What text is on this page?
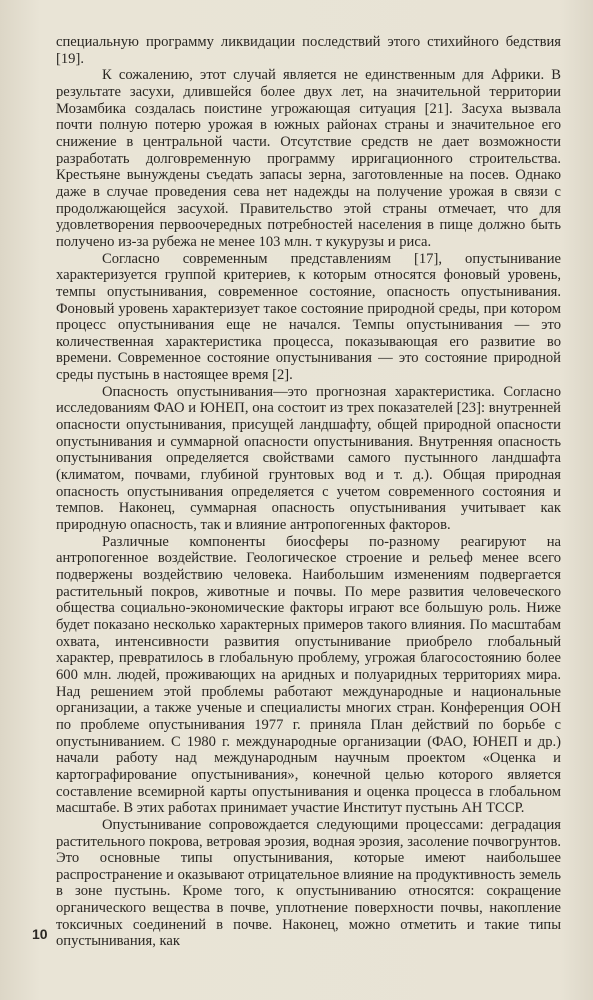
специальную программу ликвидации последствий этого стихийного бедствия [19].

К сожалению, этот случай является не единственным для Африки. В результате засухи, длившейся более двух лет, на значительной территории Мозамбика создалась поистине угрожающая ситуация [21]. Засуха вызвала почти полную потерю урожая в южных районах страны и значительное его снижение в центральной части. Отсутствие средств не дает возможности разработать долговременную программу ирригационного строительства. Крестьяне вынуждены съедать запасы зерна, заготовленные на посев. Однако даже в случае проведения сева нет надежды на получение урожая в связи с продолжающейся засухой. Правительство этой страны отмечает, что для удовлетворения первоочередных потребностей населения в пище должно быть получено из-за рубежа не менее 103 млн. т кукурузы и риса.

Согласно современным представлениям [17], опустынивание характеризуется группой критериев, к которым относятся фоновый уровень, темпы опустынивания, современное состояние, опасность опустынивания. Фоновый уровень характеризует такое состояние природной среды, при котором процесс опустынивания еще не начался. Темпы опустынивания — это количественная характеристика процесса, показывающая его развитие во времени. Современное состояние опустынивания — это состояние природной среды пустынь в настоящее время [2].

Опасность опустынивания—это прогнозная характеристика. Согласно исследованиям ФАО и ЮНЕП, она состоит из трех показателей [23]: внутренней опасности опустынивания, присущей ландшафту, общей природной опасности опустынивания и суммарной опасности опустынивания. Внутренняя опасность опустынивания определяется свойствами самого пустынного ландшафта (климатом, почвами, глубиной грунтовых вод и т. д.). Общая природная опасность опустынивания определяется с учетом современного состояния и темпов. Наконец, суммарная опасность опустынивания учитывает как природную опасность, так и влияние антропогенных факторов.

Различные компоненты биосферы по-разному реагируют на антропогенное воздействие. Геологическое строение и рельеф менее всего подвержены воздействию человека. Наибольшим изменениям подвергается растительный покров, животные и почвы. По мере развития человеческого общества социально-экономические факторы играют все большую роль. Ниже будет показано несколько характерных примеров такого влияния. По масштабам охвата, интенсивности развития опустынивание приобрело глобальный характер, превратилось в глобальную проблему, угрожая благосостоянию более 600 млн. людей, проживающих на аридных и полуаридных территориях мира. Над решением этой проблемы работают международные и национальные организации, а также ученые и специалисты многих стран. Конференция ООН по проблеме опустынивания 1977 г. приняла План действий по борьбе с опустыниванием. С 1980 г. международные организации (ФАО, ЮНЕП и др.) начали работу над международным научным проектом «Оценка и картографирование опустынивания», конечной целью которого является составление всемирной карты опустынивания и оценка процесса в глобальном масштабе. В этих работах принимает участие Институт пустынь АН ТССР.

Опустынивание сопровождается следующими процессами: деградация растительного покрова, ветровая эрозия, водная эрозия, засоление почвогрунтов. Это основные типы опустынивания, которые имеют наибольшее распространение и оказывают отрицательное влияние на продуктивность земель в зоне пустынь. Кроме того, к опустыниванию относятся: сокращение органического вещества в почве, уплотнение поверхности почвы, накопление токсичных соединений в почве. Наконец, можно отметить и такие типы опустынивания, как

10
